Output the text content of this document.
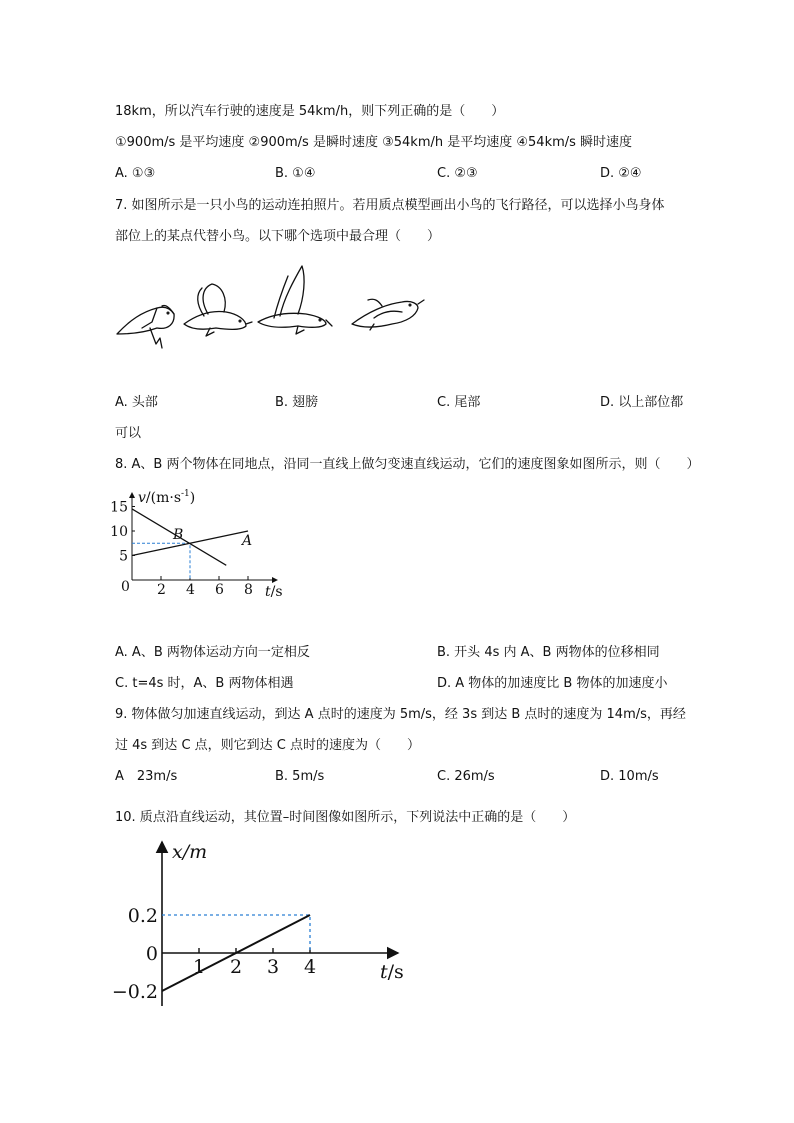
18km，所以汽车行驶的速度是 54km/h，则下列正确的是（　　）
①900m/s 是平均速度 ②900m/s 是瞬时速度 ③54km/h 是平均速度 ④54km/s 瞬时速度
A. ①③	B. ①④	C. ②③	D. ②④
7. 如图所示是一只小鸟的运动连拍照片。若用质点模型画出小鸟的飞行路径，可以选择小鸟身体
部位上的某点代替小鸟。以下哪个选项中最合理（　　）
A. 头部	B. 翅膀	C. 尾部	D. 以上部位都
可以
8. A、B 两个物体在同地点，沿同一直线上做匀变速直线运动，它们的速度图象如图所示，则（　　）
$v/(m\cdot s^{-1})$
t/s
0 2 4 6 8
5
10
15
A
B
A. A、B 两物体运动方向一定相反	B. 开头 4s 内 A、B 两物体的位移相同
C. t=4s 时，A、B 两物体相遇	D. A 物体的加速度比 B 物体的加速度小
9. 物体做匀加速直线运动，到达 A 点时的速度为 5m/s，经 3s 到达 B 点时的速度为 14m/s，再经
过 4s 到达 C 点，则它到达 C 点时的速度为（　　）
A　23m/s	B. 5m/s	C. 26m/s	D. 10m/s
10. 质点沿直线运动，其位置–时间图像如图所示，下列说法中正确的是（　　）
x/m
t/s
1 2 3 4
0.2
0
−0.2
